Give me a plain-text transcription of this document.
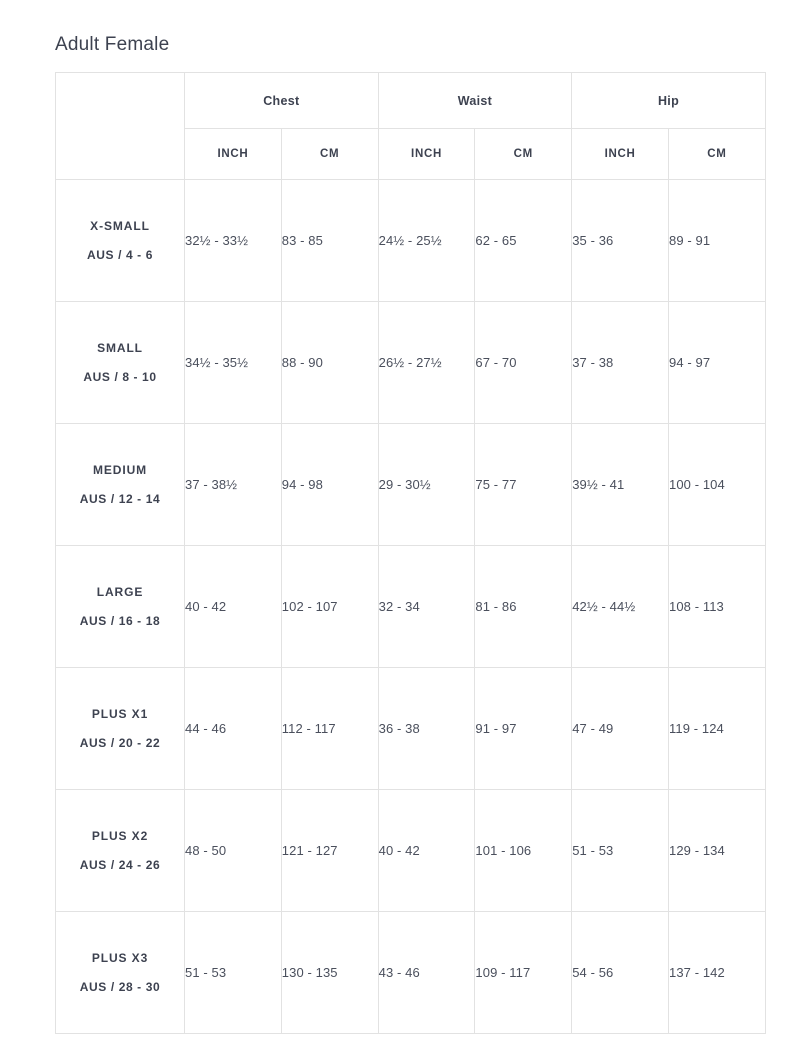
Adult Female
	Chest		Waist		Hip	
	INCH	CM	INCH	CM	INCH	CM

X-SMALL
AUS / 4 - 6	32½ - 33½	83 - 85	24½ - 25½	62 - 65	35 - 36	89 - 91

SMALL
AUS / 8 - 10	34½ - 35½	88 - 90	26½ - 27½	67 - 70	37 - 38	94 - 97

MEDIUM
AUS / 12 - 14	37 - 38½	94 - 98	29 - 30½	75 - 77	39½ - 41	100 - 104

LARGE
AUS / 16 - 18	40 - 42	102 - 107	32 - 34	81 - 86	42½ - 44½	108 - 113

PLUS X1
AUS / 20 - 22	44 - 46	112 - 117	36 - 38	91 - 97	47 - 49	119 - 124

PLUS X2
AUS / 24 - 26	48 - 50	121 - 127	40 - 42	101 - 106	51 - 53	129 - 134

PLUS X3
AUS / 28 - 30	51 - 53	130 - 135	43 - 46	109 - 117	54 - 56	137 - 142
